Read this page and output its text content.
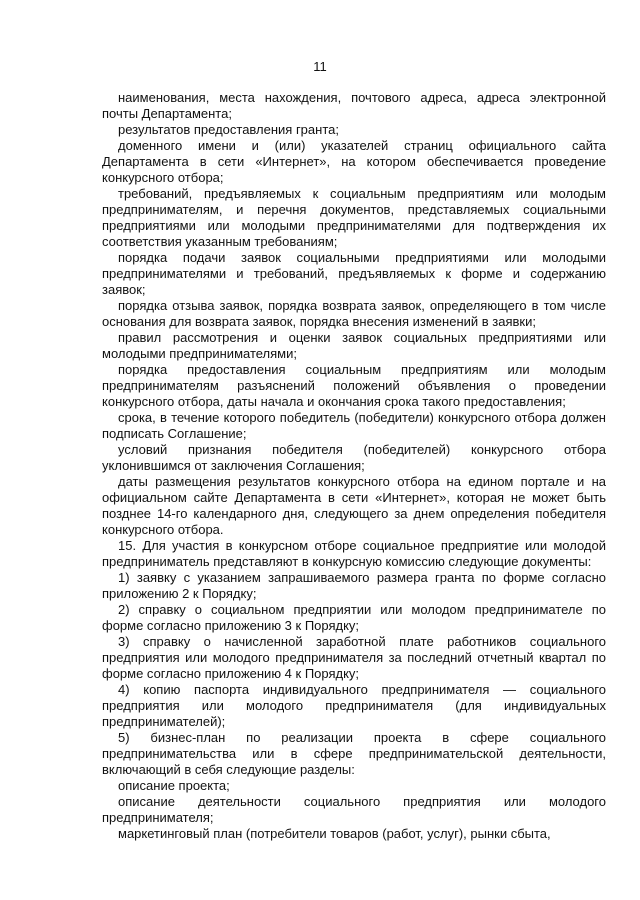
11

наименования, места нахождения, почтового адреса, адреса электронной почты Департамента;

результатов предоставления гранта;

доменного имени и (или) указателей страниц официального сайта Департамента в сети «Интернет», на котором обеспечивается проведение конкурсного отбора;

требований, предъявляемых к социальным предприятиям или молодым предпринимателям, и перечня документов, представляемых социальными предприятиями или молодыми предпринимателями для подтверждения их соответствия указанным требованиям;

порядка подачи заявок социальными предприятиями или молодыми предпринимателями и требований, предъявляемых к форме и содержанию заявок;

порядка отзыва заявок, порядка возврата заявок, определяющего в том числе основания для возврата заявок, порядка внесения изменений в заявки;

правил рассмотрения и оценки заявок социальных предприятиями или молодыми предпринимателями;

порядка предоставления социальным предприятиям или молодым предпринимателям разъяснений положений объявления о проведении конкурсного отбора, даты начала и окончания срока такого предоставления;

срока, в течение которого победитель (победители) конкурсного отбора должен подписать Соглашение;

условий признания победителя (победителей) конкурсного отбора уклонившимся от заключения Соглашения;

даты размещения результатов конкурсного отбора на едином портале и на официальном сайте Департамента в сети «Интернет», которая не может быть позднее 14-го календарного дня, следующего за днем определения победителя конкурсного отбора.

15. Для участия в конкурсном отборе социальное предприятие или молодой предприниматель представляют в конкурсную комиссию следующие документы:

1) заявку с указанием запрашиваемого размера гранта по форме согласно приложению 2 к Порядку;

2) справку о социальном предприятии или молодом предпринимателе по форме согласно приложению 3 к Порядку;

3) справку о начисленной заработной плате работников социального предприятия или молодого предпринимателя за последний отчетный квартал по форме согласно приложению 4 к Порядку;

4) копию паспорта индивидуального предпринимателя — социального предприятия или молодого предпринимателя (для индивидуальных предпринимателей);

5) бизнес-план по реализации проекта в сфере социального предпринимательства или в сфере предпринимательской деятельности, включающий в себя следующие разделы:

описание проекта;

описание деятельности социального предприятия или молодого предпринимателя;

маркетинговый план (потребители товаров (работ, услуг), рынки сбыта,
